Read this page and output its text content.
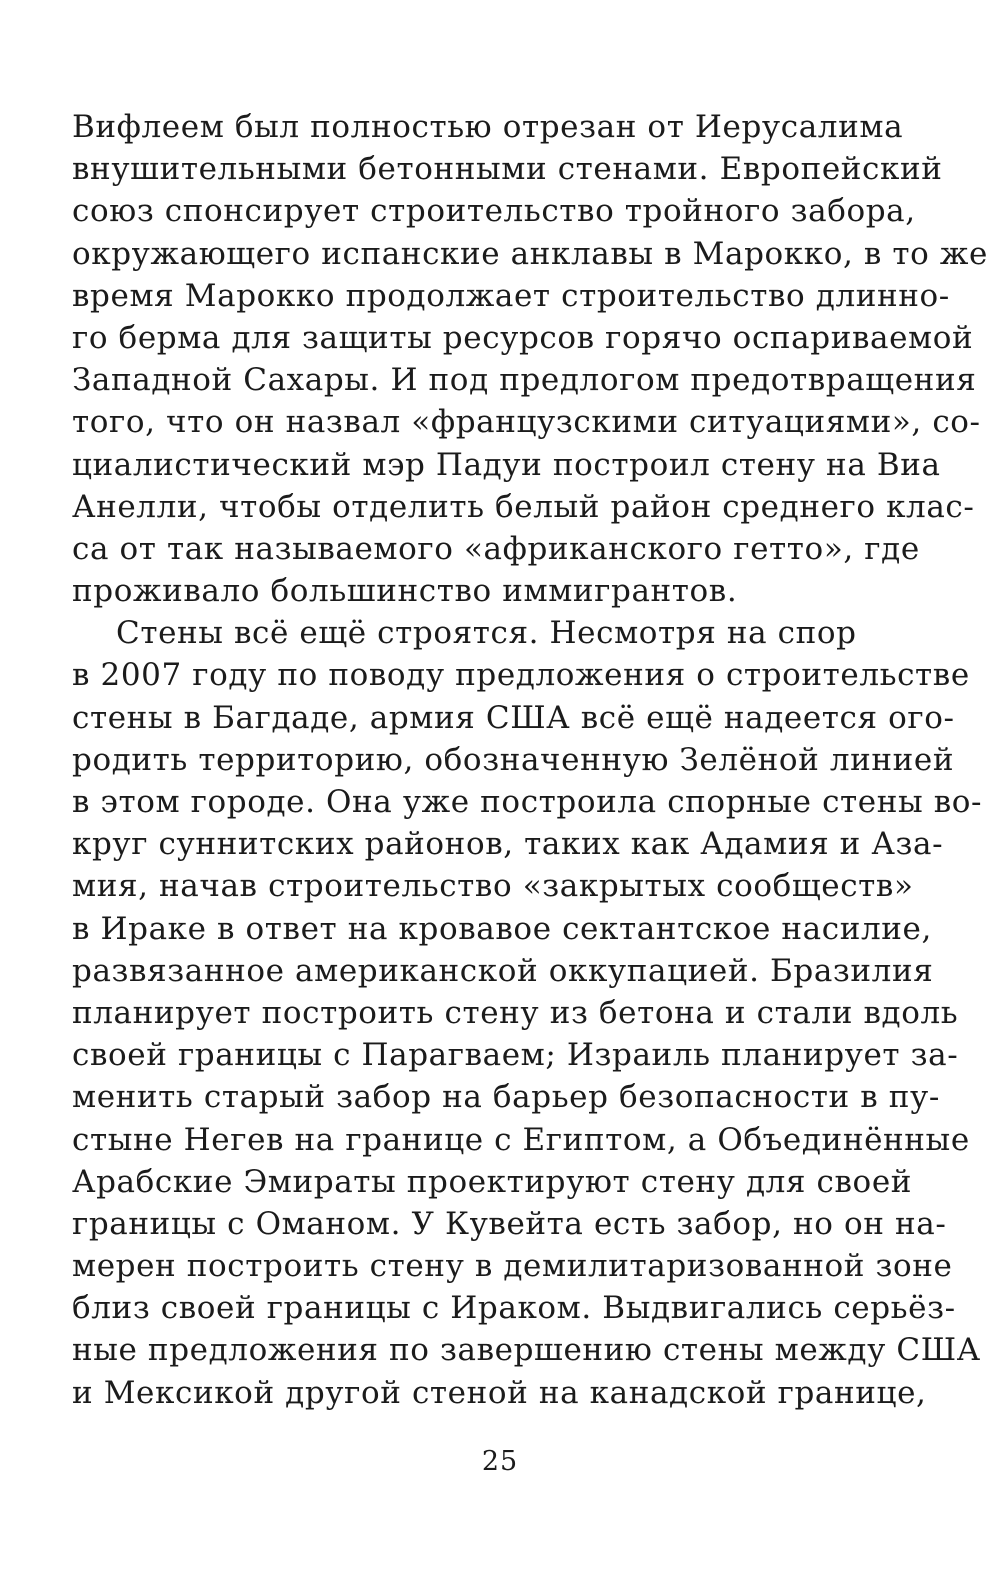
Вифлеем был полностью отрезан от Иерусалима
внушительными бетонными стенами. Европейский
союз спонсирует строительство тройного забора,
окружающего испанские анклавы в Марокко, в то же
время Марокко продолжает строительство длинно-
го берма для защиты ресурсов горячо оспариваемой
Западной Сахары. И под предлогом предотвращения
того, что он назвал «французскими ситуациями», со-
циалистический мэр Падуи построил стену на Виа
Анелли, чтобы отделить белый район среднего клас-
са от так называемого «африканского гетто», где
проживало большинство иммигрантов.
Стены всё ещё строятся. Несмотря на спор
в 2007 году по поводу предложения о строительстве
стены в Багдаде, армия США всё ещё надеется ого-
родить территорию, обозначенную Зелёной линией
в этом городе. Она уже построила спорные стены во-
круг суннитских районов, таких как Адамия и Аза-
мия, начав строительство «закрытых сообществ»
в Ираке в ответ на кровавое сектантское насилие,
развязанное американской оккупацией. Бразилия
планирует построить стену из бетона и стали вдоль
своей границы с Парагваем; Израиль планирует за-
менить старый забор на барьер безопасности в пу-
стыне Негев на границе с Египтом, а Объединённые
Арабские Эмираты проектируют стену для своей
границы с Оманом. У Кувейта есть забор, но он на-
мерен построить стену в демилитаризованной зоне
близ своей границы с Ираком. Выдвигались серьёз-
ные предложения по завершению стены между США
и Мексикой другой стеной на канадской границе,
25
